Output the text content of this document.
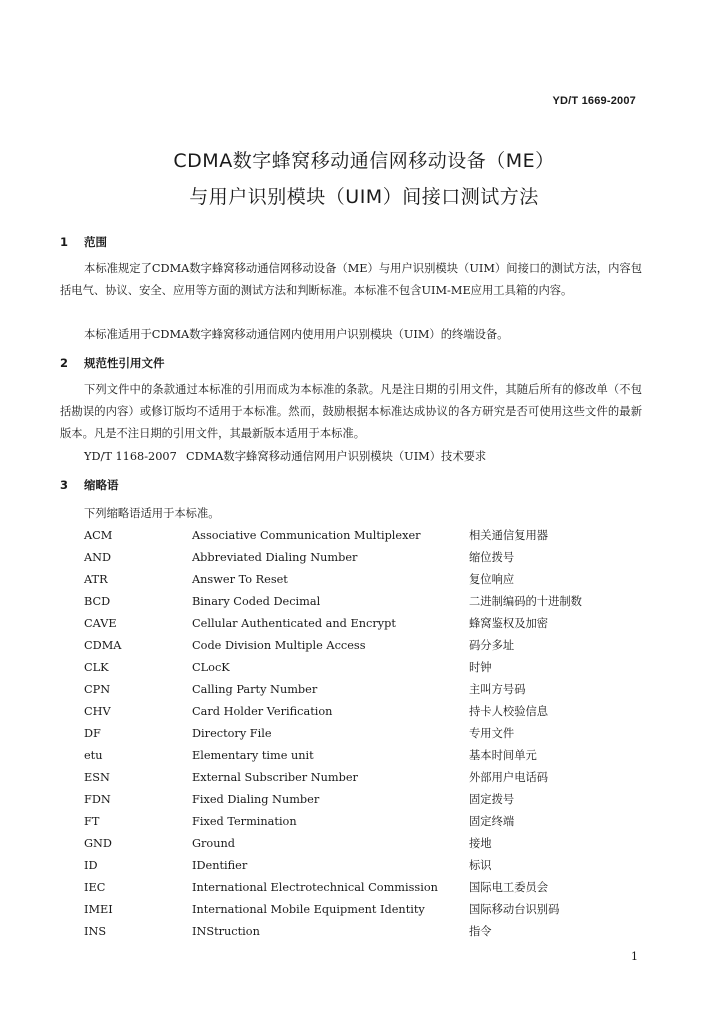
YD/T 1669-2007
CDMA数字蜂窝移动通信网移动设备（ME）
与用户识别模块（UIM）间接口测试方法
1 范围

本标准规定了CDMA数字蜂窝移动通信网移动设备（ME）与用户识别模块（UIM）间接口的测试方法，内容包括电气、协议、安全、应用等方面的测试方法和判断标准。本标准不包含UIM-ME应用工具箱的内容。

本标准适用于CDMA数字蜂窝移动通信网内使用用户识别模块（UIM）的终端设备。

2 规范性引用文件

下列文件中的条款通过本标准的引用而成为本标准的条款。凡是注日期的引用文件，其随后所有的修改单（不包括勘误的内容）或修订版均不适用于本标准。然而，鼓励根据本标准达成协议的各方研究是否可使用这些文件的最新版本。凡是不注日期的引用文件，其最新版本适用于本标准。

YD/T 1168-2007 CDMA数字蜂窝移动通信网用户识别模块（UIM）技术要求
3 缩略语
下列缩略语适用于本标准。
ACM	Associative Communication Multiplexer	相关通信复用器
AND	Abbreviated Dialing Number	缩位拨号
ATR	Answer To Reset	复位响应
BCD	Binary Coded Decimal	二进制编码的十进制数
CAVE	Cellular Authenticated and Encrypt	蜂窝鉴权及加密
CDMA	Code Division Multiple Access	码分多址
CLK	CLocK	时钟
CPN	Calling Party Number	主叫方号码
CHV	Card Holder Verification	持卡人校验信息
DF	Directory File	专用文件
etu	Elementary time unit	基本时间单元
ESN	External Subscriber Number	外部用户电话码
FDN	Fixed Dialing Number	固定拨号
FT	Fixed Termination	固定终端
GND	Ground	接地
ID	IDentifier	标识
IEC	International Electrotechnical Commission	国际电工委员会
IMEI	International Mobile Equipment Identity	国际移动台识别码
INS	INStruction	指令
1
